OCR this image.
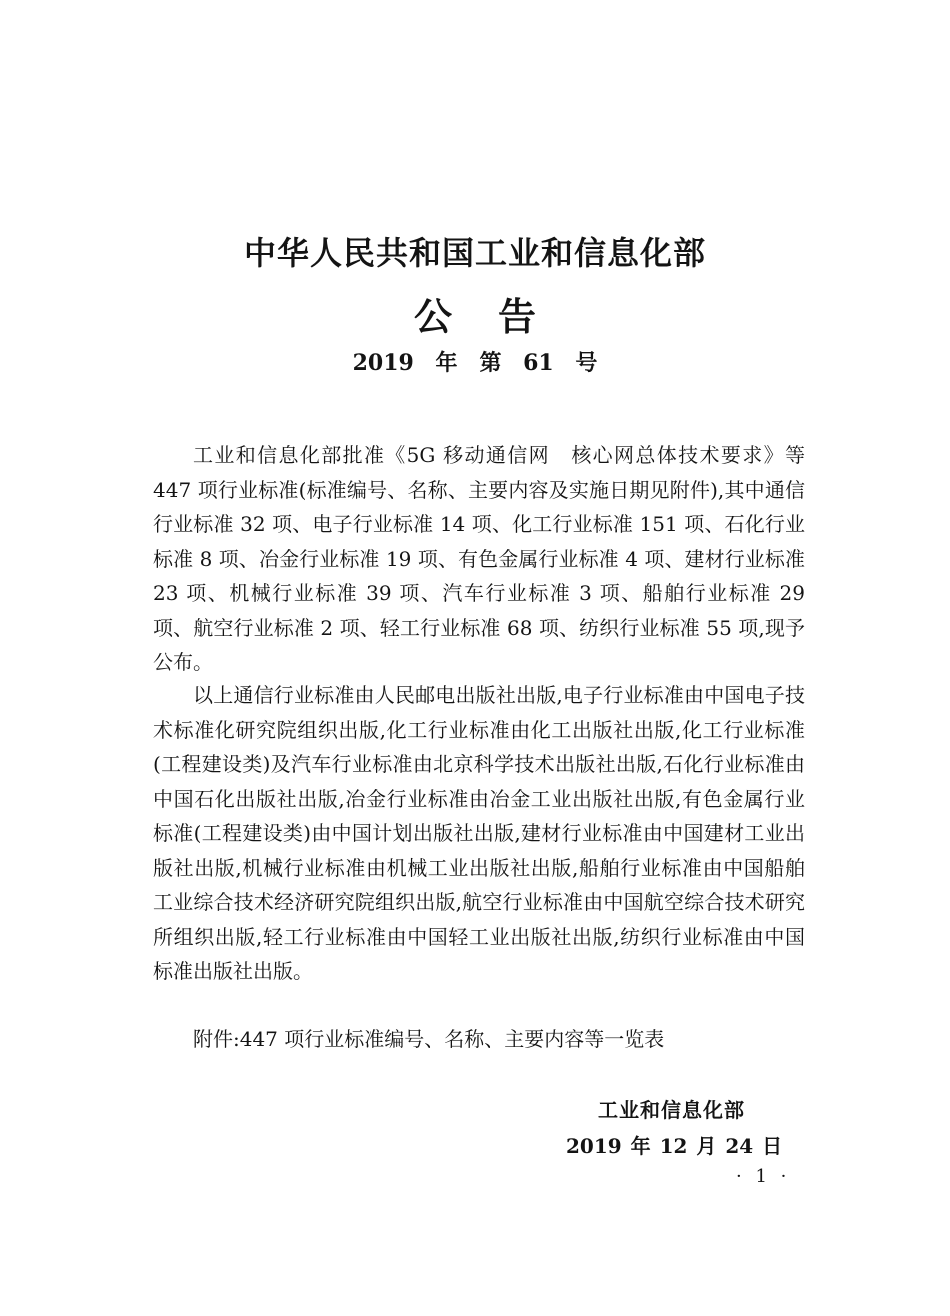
中华人民共和国工业和信息化部
公告
2019 年　第 61 号

工业和信息化部批准《5G 移动通信网　核心网总体技术要求》等 447 项行业标准(标准编号、名称、主要内容及实施日期见附件),其中通信行业标准 32 项、电子行业标准 14 项、化工行业标准 151 项、石化行业标准 8 项、冶金行业标准 19 项、有色金属行业标准 4 项、建材行业标准 23 项、机械行业标准 39 项、汽车行业标准 3 项、船舶行业标准 29 项、航空行业标准 2 项、轻工行业标准 68 项、纺织行业标准 55 项,现予公布。

以上通信行业标准由人民邮电出版社出版,电子行业标准由中国电子技术标准化研究院组织出版,化工行业标准由化工出版社出版,化工行业标准(工程建设类)及汽车行业标准由北京科学技术出版社出版,石化行业标准由中国石化出版社出版,冶金行业标准由冶金工业出版社出版,有色金属行业标准(工程建设类)由中国计划出版社出版,建材行业标准由中国建材工业出版社出版,机械行业标准由机械工业出版社出版,船舶行业标准由中国船舶工业综合技术经济研究院组织出版,航空行业标准由中国航空综合技术研究所组织出版,轻工行业标准由中国轻工业出版社出版,纺织行业标准由中国标准出版社出版。

附件:447 项行业标准编号、名称、主要内容等一览表

工业和信息化部
2019 年 12 月 24 日
· 1 ·
